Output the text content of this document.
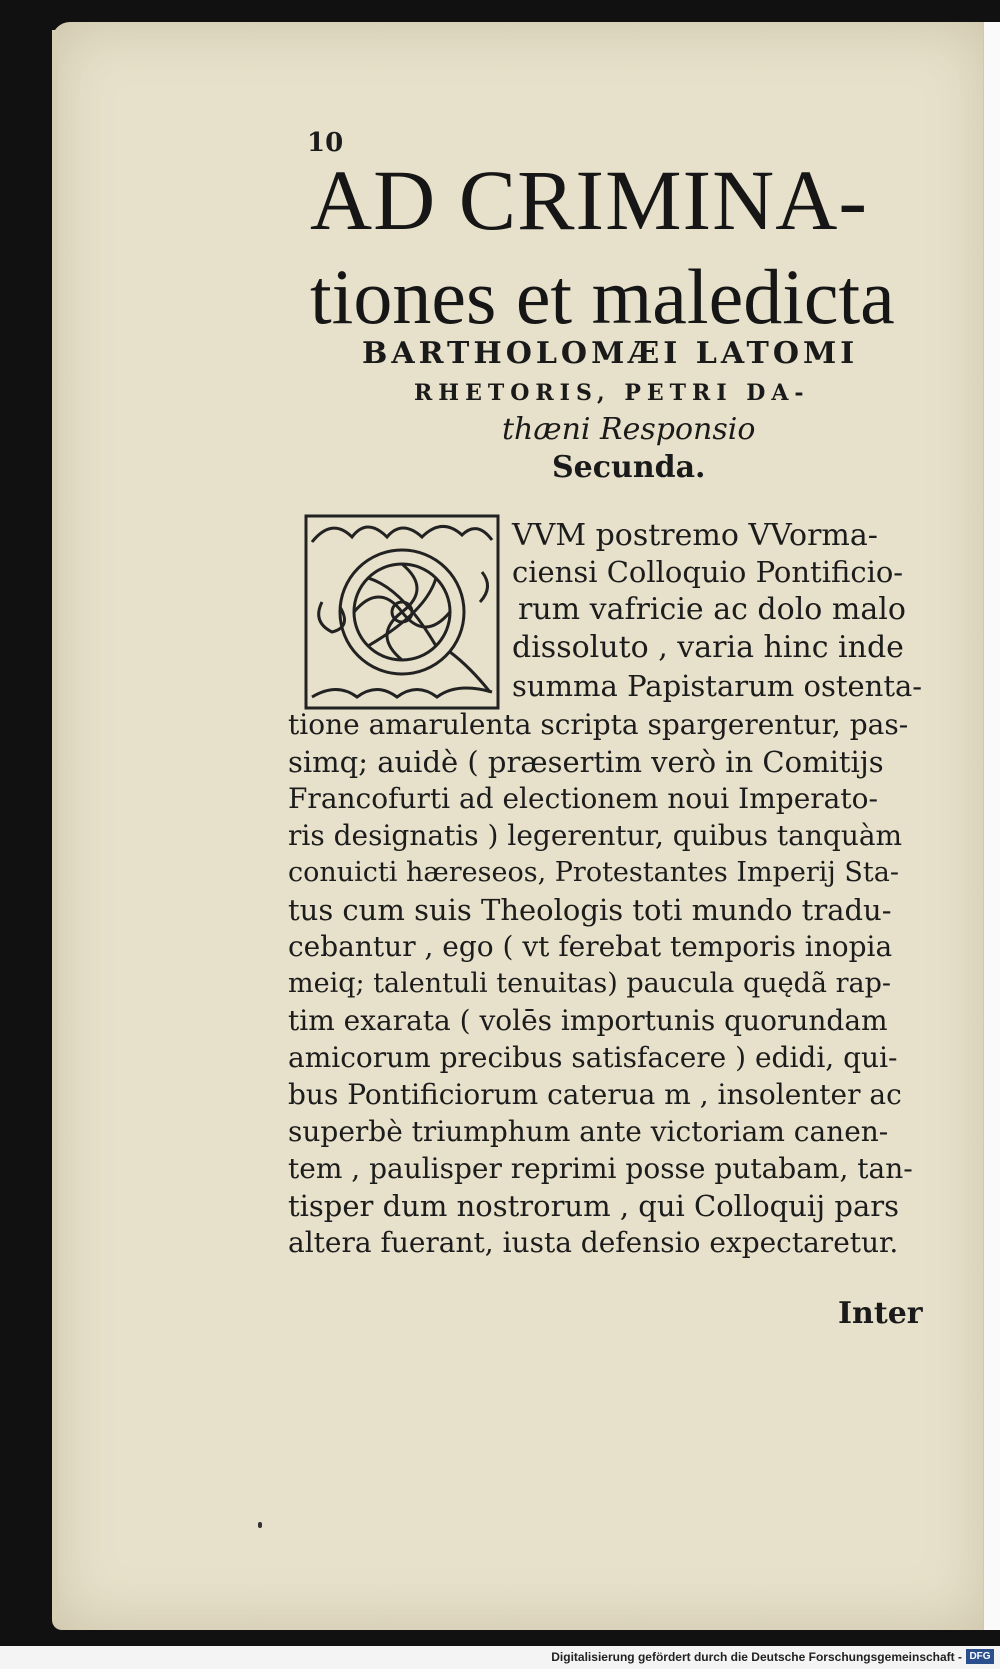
10
AD CRIMINA-
tiones et maledicta
BARTHOLOMÆI LATOMI
RHETORIS, PETRI DA-
thæni Responsio
Secunda.
VVM postremo VVorma-
ciensi Colloquio Pontificio-
rum vafricie ac dolo malo
dissoluto , varia hinc inde
summa Papistarum ostenta-
tione amarulenta scripta spargerentur, pas-
simq; auidè ( præsertim verò in Comitijs
Francofurti ad electionem noui Imperato-
ris designatis ) legerentur, quibus tanquàm
conuicti hæreseos, Protestantes Imperij Sta-
tus cum suis Theologis toti mundo tradu-
cebantur , ego ( vt ferebat temporis inopia
meiq; talentuli tenuitas) paucula quędã rap-
tim exarata ( volēs importunis quorundam
amicorum precibus satisfacere ) edidi, qui-
bus Pontificiorum caterua m , insolenter ac
superbè triumphum ante victoriam canen-
tem , paulisper reprimi posse putabam, tan-
tisper dum nostrorum , qui Colloquij pars
altera fuerant, iusta defensio expectaretur.
Inter
Digitalisierung gefördert durch die Deutsche Forschungsgemeinschaft - DFG
